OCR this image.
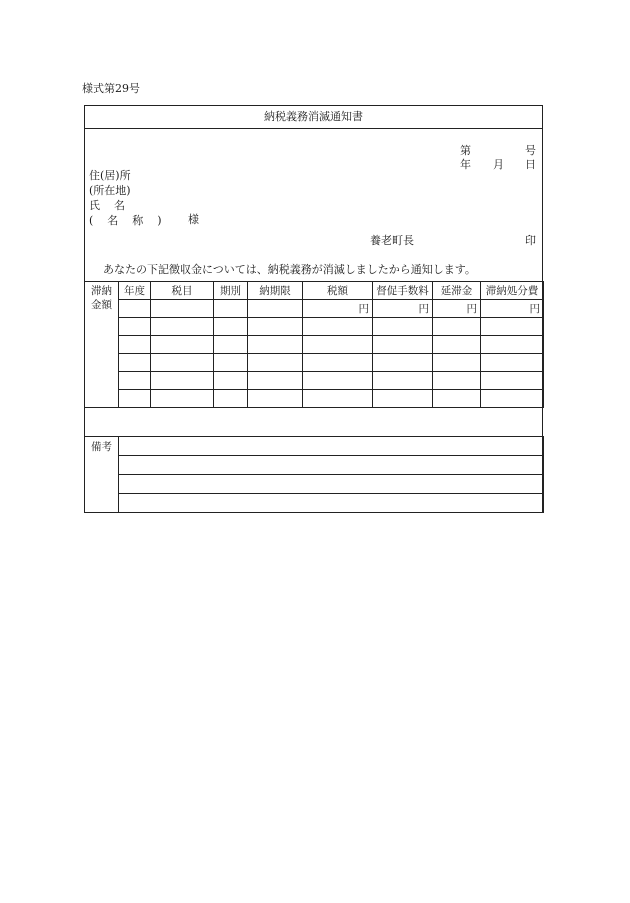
様式第29号
納税義務消滅通知書
第	号
年 月 日
住(居)所
(所在地)
氏名
(名称) 様
養老町長	印
あなたの下記徴収金については、納税義務が消滅しましたから通知します。
滞納
金額	年度	税目	期別	納期限	税額	督促手数料	延滞金	滞納処分費
					円	円	円	円

備考	
